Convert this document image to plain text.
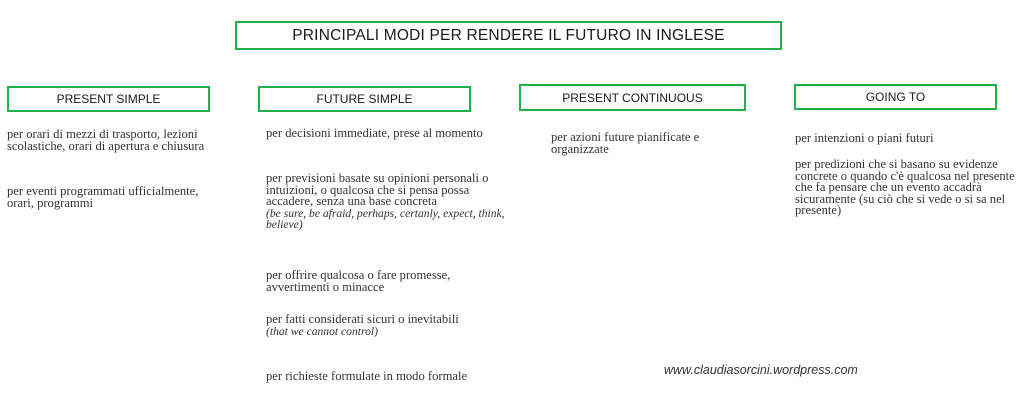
PRINCIPALI MODI PER RENDERE IL FUTURO IN INGLESE
PRESENT SIMPLE	FUTURE SIMPLE	PRESENT CONTINUOUS	GOING TO

per orari di mezzi di trasporto, lezioni scolastiche, orari di apertura e chiusura

per eventi programmati ufficialmente, orari, programmi

per decisioni immediate, prese al momento

per previsioni basate su opinioni personali o intuizioni, o qualcosa che si pensa possa accadere, senza una base concreta

(be sure, be afraid, perhaps, certanly, expect, think, believe)

per offrire qualcosa o fare promesse, avvertimenti o minacce

per fatti considerati sicuri o inevitabili

(that we cannot control)

per richieste formulate in modo formale

per azioni future pianificate e organizzate

per intenzioni o piani futuri

per predizioni che si basano su evidenze concrete o quando c'è qualcosa nel presente che fa pensare che un evento accadrà sicuramente (su ciò che si vede o si sa nel presente)

www.claudiasorcini.wordpress.com
